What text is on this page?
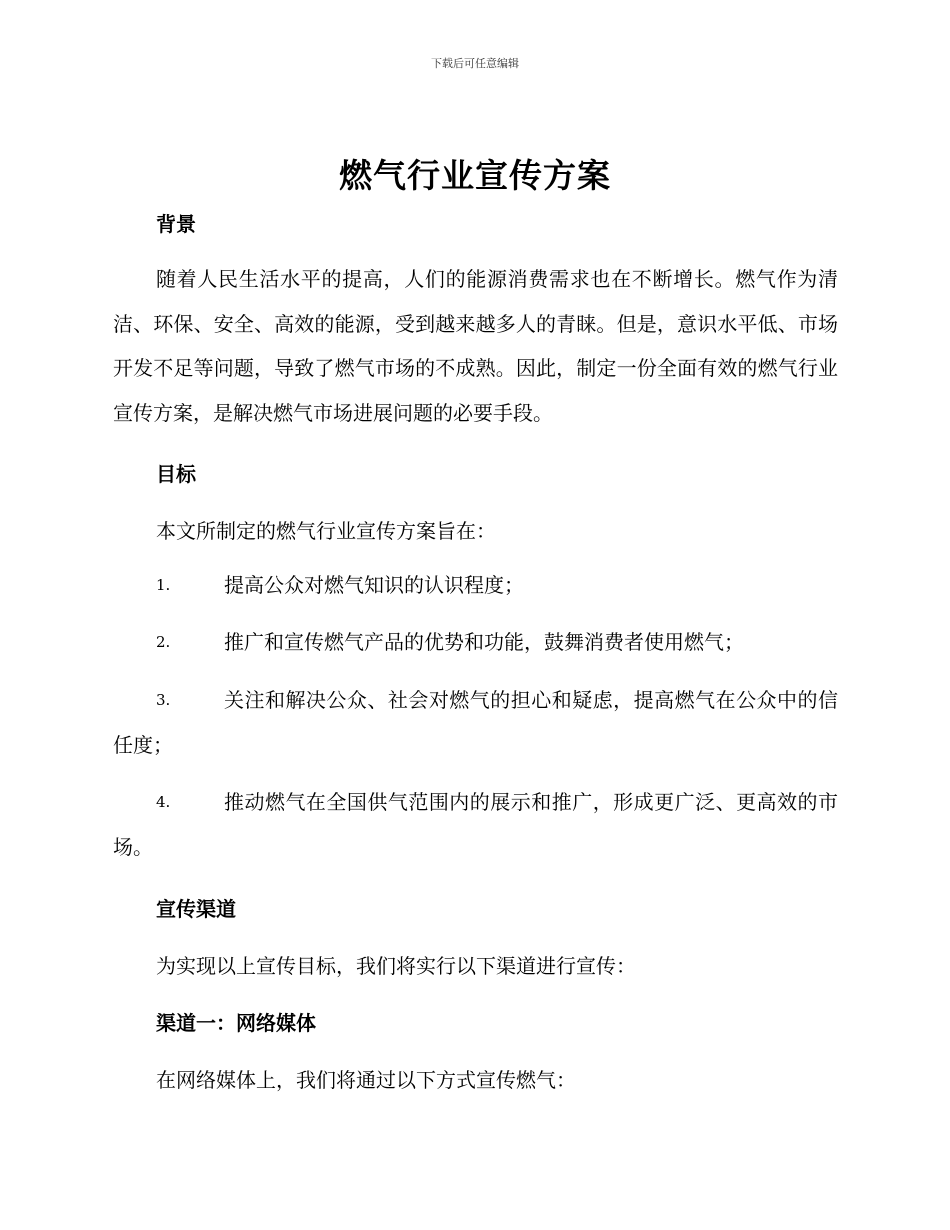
下载后可任意编辑
燃气行业宣传方案
背景
随着人民生活水平的提高，人们的能源消费需求也在不断增长。燃气作为清洁、环保、安全、高效的能源，受到越来越多人的青睐。但是，意识水平低、市场开发不足等问题，导致了燃气市场的不成熟。因此，制定一份全面有效的燃气行业宣传方案，是解决燃气市场进展问题的必要手段。
目标
本文所制定的燃气行业宣传方案旨在：
1.	提高公众对燃气知识的认识程度；
2.	推广和宣传燃气产品的优势和功能，鼓舞消费者使用燃气；
3.	关注和解决公众、社会对燃气的担心和疑虑，提高燃气在公众中的信任度；
4.	推动燃气在全国供气范围内的展示和推广，形成更广泛、更高效的市场。
宣传渠道
为实现以上宣传目标，我们将实行以下渠道进行宣传：
渠道一：网络媒体
在网络媒体上，我们将通过以下方式宣传燃气：
